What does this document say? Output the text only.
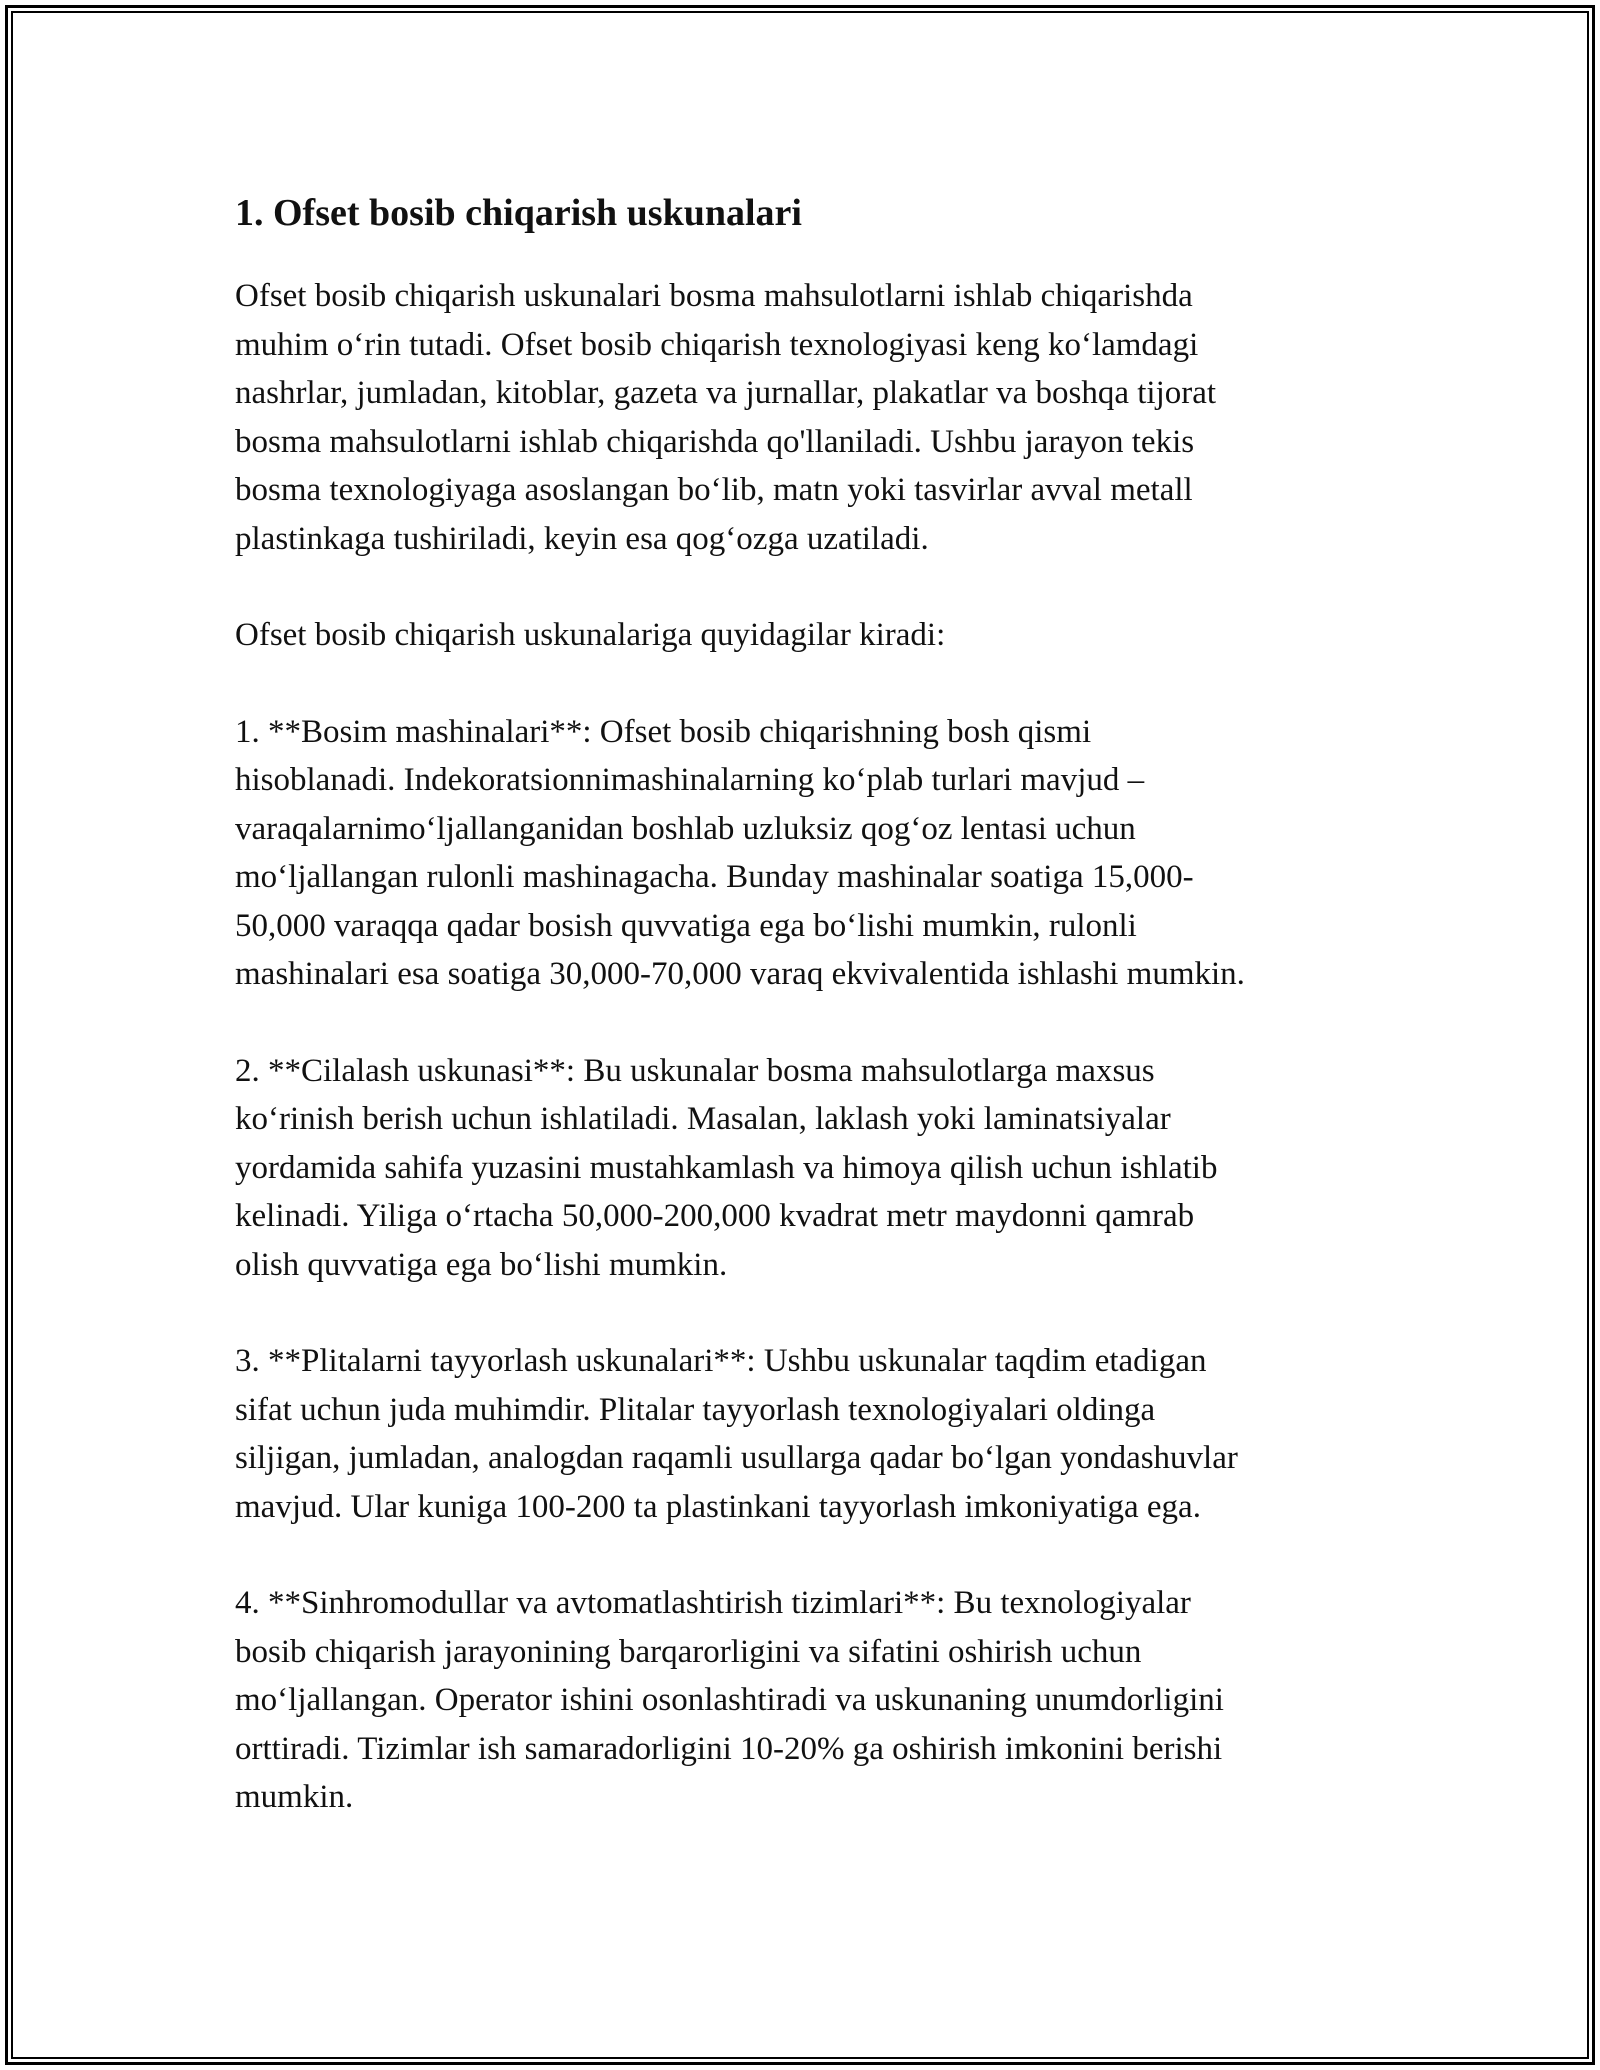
1. Ofset bosib chiqarish uskunalari

Ofset bosib chiqarish uskunalari bosma mahsulotlarni ishlab chiqarishda
muhim o‘rin tutadi. Ofset bosib chiqarish texnologiyasi keng ko‘lamdagi
nashrlar, jumladan, kitoblar, gazeta va jurnallar, plakatlar va boshqa tijorat
bosma mahsulotlarni ishlab chiqarishda qo'llaniladi. Ushbu jarayon tekis
bosma texnologiyaga asoslangan bo‘lib, matn yoki tasvirlar avval metall
plastinkaga tushiriladi, keyin esa qog‘ozga uzatiladi.

Ofset bosib chiqarish uskunalariga quyidagilar kiradi:

1. **Bosim mashinalari**: Ofset bosib chiqarishning bosh qismi
hisoblanadi. Indekoratsionnimashinalarning ko‘plab turlari mavjud –
varaqalarnimo‘ljallanganidan boshlab uzluksiz qog‘oz lentasi uchun
mo‘ljallangan rulonli mashinagacha. Bunday mashinalar soatiga 15,000-
50,000 varaqqa qadar bosish quvvatiga ega bo‘lishi mumkin, rulonli
mashinalari esa soatiga 30,000-70,000 varaq ekvivalentida ishlashi mumkin.

2. **Cilalash uskunasi**: Bu uskunalar bosma mahsulotlarga maxsus
ko‘rinish berish uchun ishlatiladi. Masalan, laklash yoki laminatsiyalar
yordamida sahifa yuzasini mustahkamlash va himoya qilish uchun ishlatib
kelinadi. Yiliga o‘rtacha 50,000-200,000 kvadrat metr maydonni qamrab
olish quvvatiga ega bo‘lishi mumkin.

3. **Plitalarni tayyorlash uskunalari**: Ushbu uskunalar taqdim etadigan
sifat uchun juda muhimdir. Plitalar tayyorlash texnologiyalari oldinga
siljigan, jumladan, analogdan raqamli usullarga qadar bo‘lgan yondashuvlar
mavjud. Ular kuniga 100-200 ta plastinkani tayyorlash imkoniyatiga ega.

4. **Sinhromodullar va avtomatlashtirish tizimlari**: Bu texnologiyalar
bosib chiqarish jarayonining barqarorligini va sifatini oshirish uchun
mo‘ljallangan. Operator ishini osonlashtiradi va uskunaning unumdorligini
orttiradi. Tizimlar ish samaradorligini 10-20% ga oshirish imkonini berishi
mumkin.
